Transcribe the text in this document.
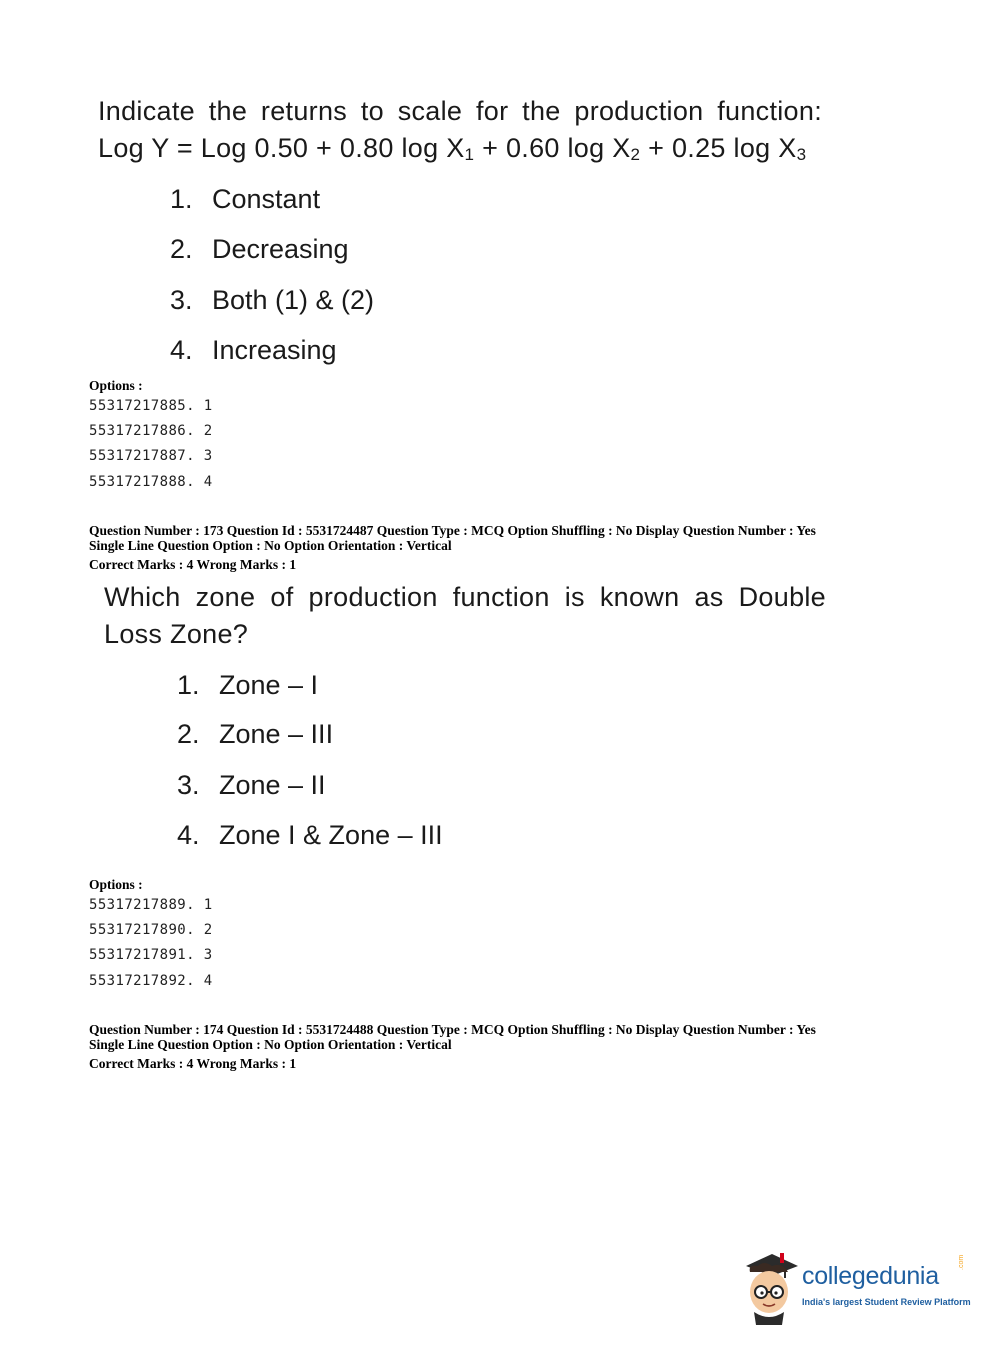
Indicate the returns to scale for the production function:
Log Y = Log 0.50 + 0.80 $\log X_1 + 0.60$ $\log X_2 + 0.25$ $\log X_3$
1. Constant
2. Decreasing
3. Both (1) & (2)
4. Increasing
Options :
55317217885. 1
55317217886. 2
55317217887. 3
55317217888. 4
Question Number : 173 Question Id : 5531724487 Question Type : MCQ Option Shuffling : No Display Question Number : Yes
Single Line Question Option : No Option Orientation : Vertical
Correct Marks : 4 Wrong Marks : 1
Which zone of production function is known as Double
Loss Zone?
1. Zone – I
2. Zone – III
3. Zone – II
4. Zone I & Zone – III
Options :
55317217889. 1
55317217890. 2
55317217891. 3
55317217892. 4
Question Number : 174 Question Id : 5531724488 Question Type : MCQ Option Shuffling : No Display Question Number : Yes
Single Line Question Option : No Option Orientation : Vertical
Correct Marks : 4 Wrong Marks : 1
collegedunia
India's largest Student Review Platform
.com
